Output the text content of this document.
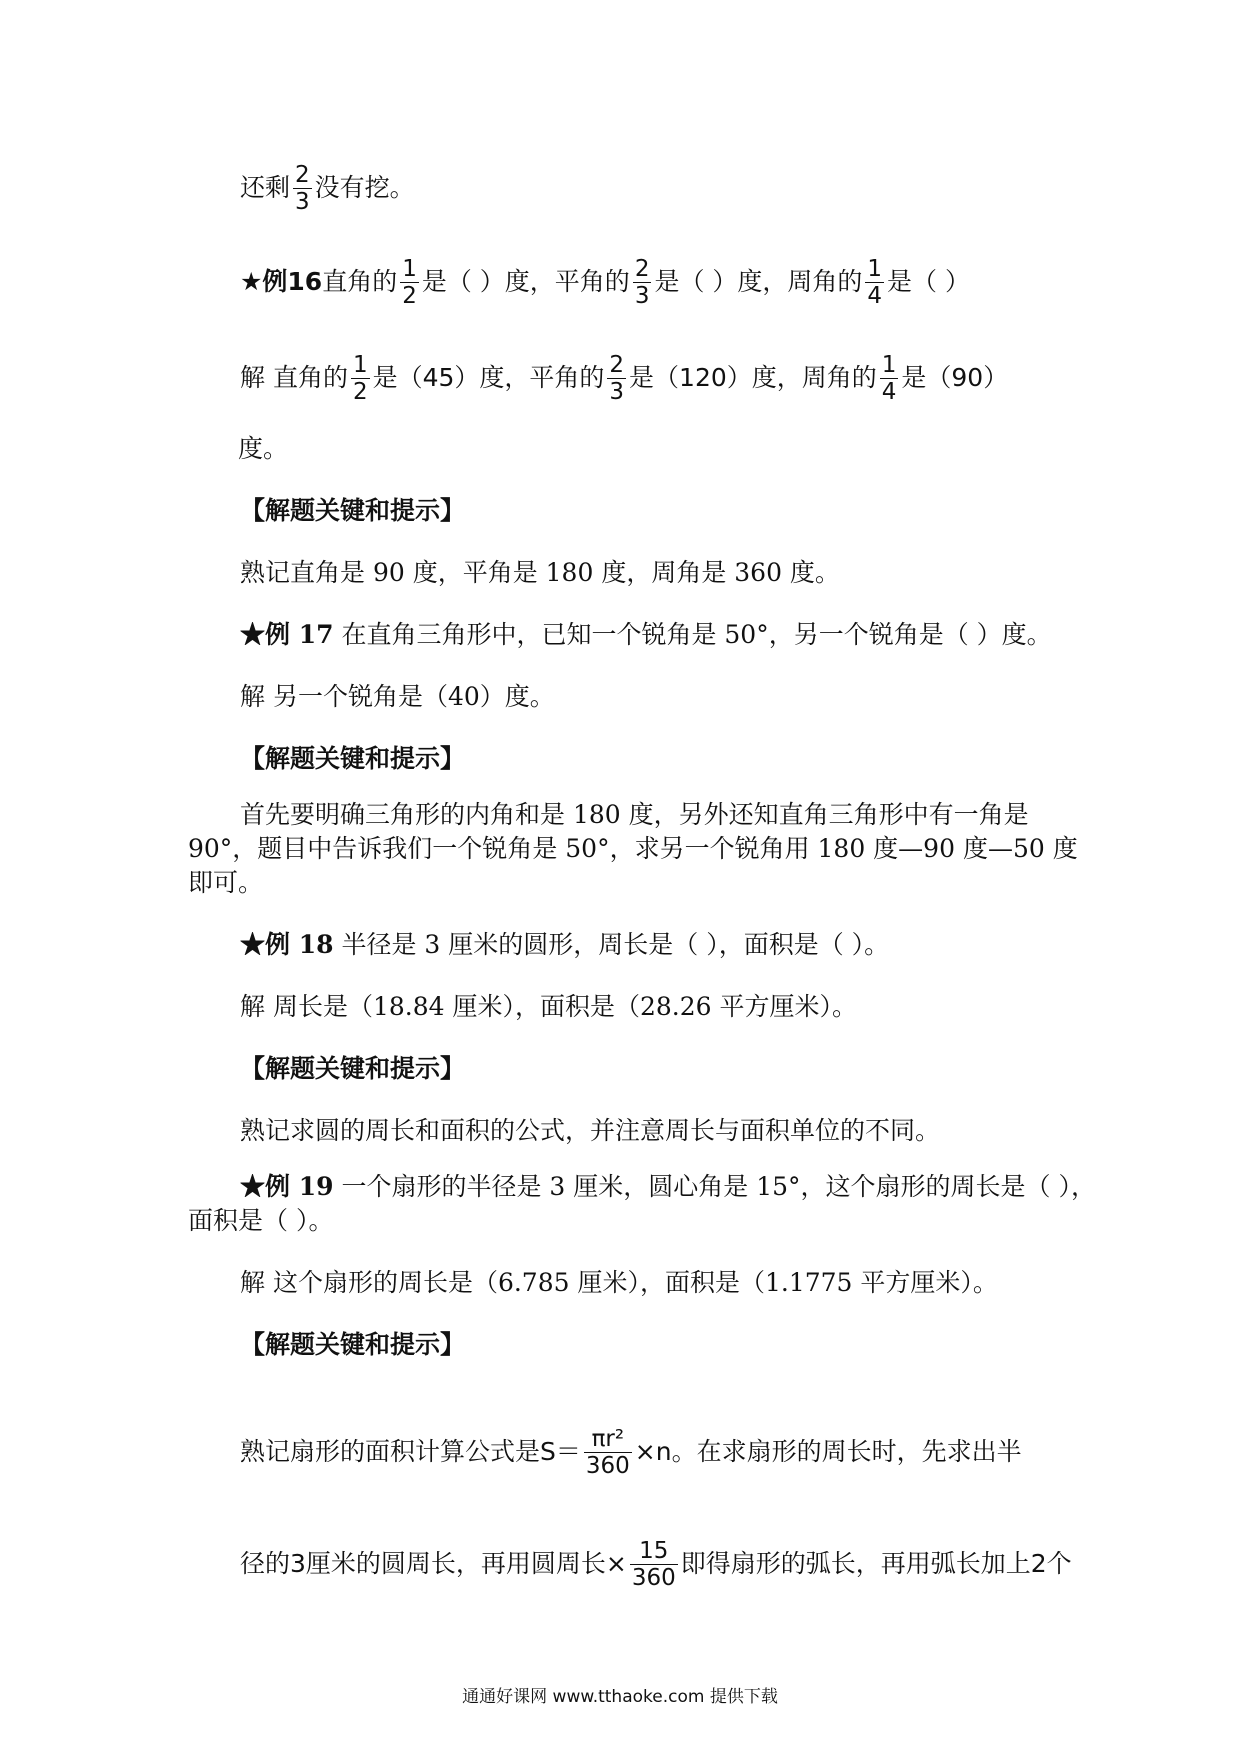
还剩 $\frac{2}{3}$ 没有挖。
★例16直角的 $\frac{1}{2}$ 是（ ）度，平角的 $\frac{2}{3}$ 是（ ）度，周角的 $\frac{1}{4}$ 是（ ）
解 直角的 $\frac{1}{2}$ 是（45）度，平角的 $\frac{2}{3}$ 是（120）度，周角的 $\frac{1}{4}$ 是（90）
度。
【解题关键和提示】
熟记直角是 90 度，平角是 180 度，周角是 360 度。
★例 17 在直角三角形中，已知一个锐角是 50°，另一个锐角是（ ）度。
解 另一个锐角是（40）度。
【解题关键和提示】
首先要明确三角形的内角和是 180 度，另外还知直角三角形中有一角是
90°，题目中告诉我们一个锐角是 50°，求另一个锐角用 180 度—90 度—50 度
即可。
★例 18 半径是 3 厘米的圆形，周长是（ ），面积是（ ）。
解 周长是（18.84 厘米），面积是（28.26 平方厘米）。
【解题关键和提示】
熟记求圆的周长和面积的公式，并注意周长与面积单位的不同。
★例 19 一个扇形的半径是 3 厘米，圆心角是 15°，这个扇形的周长是（ ），
面积是（ ）。
解 这个扇形的周长是（6.785 厘米），面积是（1.1775 平方厘米）。
【解题关键和提示】
熟记扇形的面积计算公式是$S= \frac{\text{πr²}}{360} \times n$。在求扇形的周长时，先求出半
径的3厘米的圆周长，再用圆周长× $\frac{15}{360}$ 即得扇形的弧长，再用弧长加上2个
通通好课网 www.tthaoke.com 提供下载
